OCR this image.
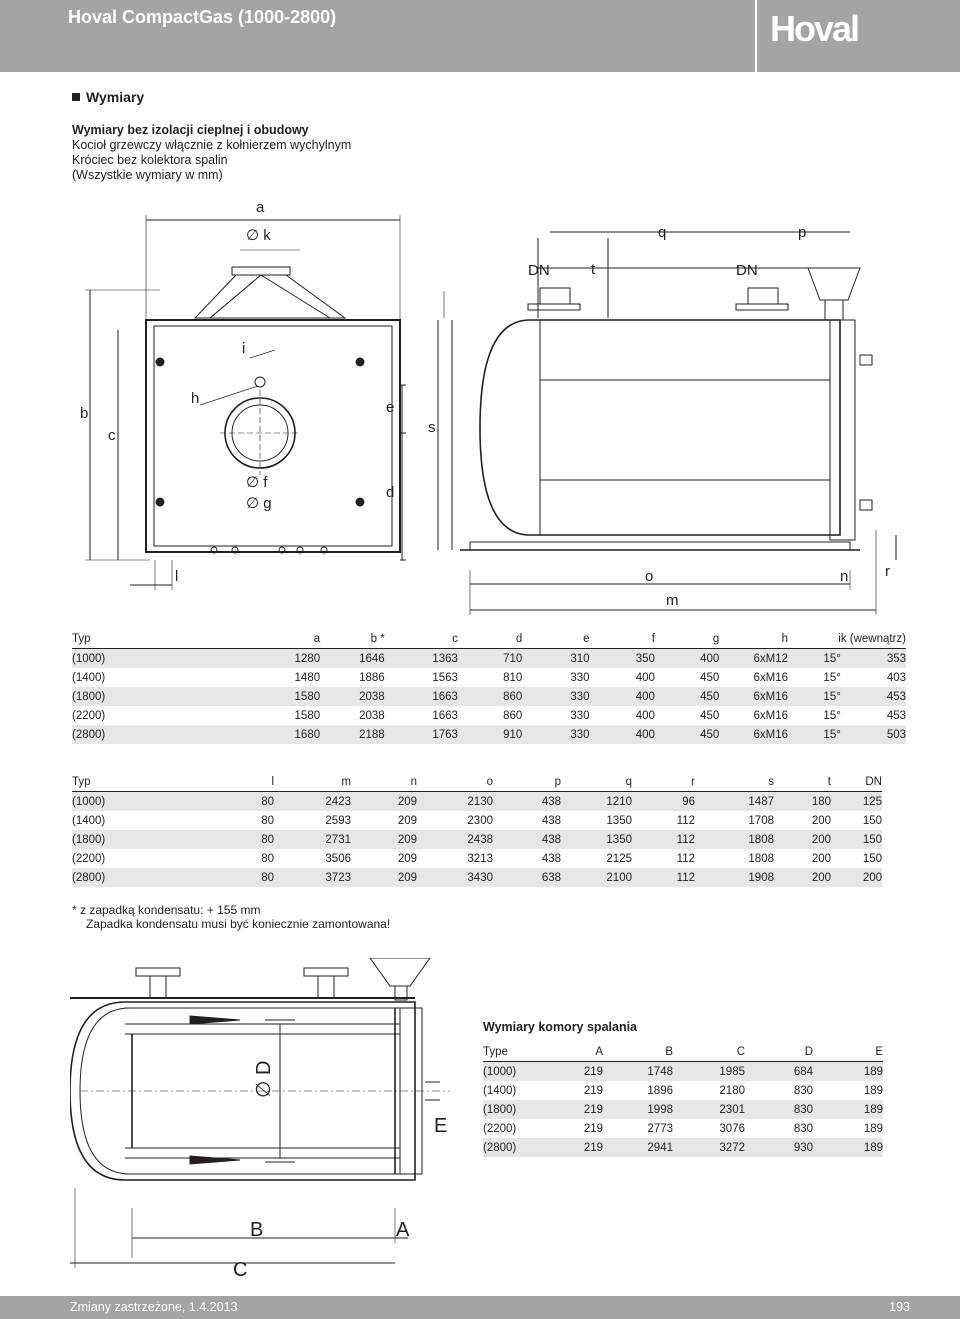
Hoval CompactGas (1000-2800)	Hoval
Wymiary
Wymiary bez izolacji cieplnej i obudowy
Kocioł grzewczy włącznie z kołnierzem wychylnym
Króciec bez kolektora spalin
(Wszystkie wymiary w mm)
a
∅ k	q	p
DN	DN
t
i
h
b
c
e
s
d
∅ f
∅ g
l	o	n r
m
Typ	a	b *	c	d	e	f	g	h	i	k (wewnątrz)
(1000)	1280	1646	1363	710	310	350	400	6xM12	15°	353
(1400)	1480	1886	1563	810	330	400	450	6xM16	15°	403
(1800)	1580	2038	1663	860	330	400	450	6xM16	15°	453
(2200)	1580	2038	1663	860	330	400	450	6xM16	15°	453
(2800)	1680	2188	1763	910	330	400	450	6xM16	15°	503
Typ	l	m	n	o	p	q	r	s	t	DN
(1000)	80	2423	209	2130	438	1210	96	1487	180	125
(1400)	80	2593	209	2300	438	1350	112	1708	200	150
(1800)	80	2731	209	2438	438	1350	112	1808	200	150
(2200)	80	3506	209	3213	438	2125	112	1808	200	150
(2800)	80	3723	209	3430	638	2100	112	1908	200	200
* z zapadką kondensatu: + 155 mm
Zapadka kondensatu musi być koniecznie zamontowana!
∅ D
E
B	A
C
Wymiary komory spalania
Type	A	B	C	D	E
(1000)	219	1748	1985	684	189
(1400)	219	1896	2180	830	189
(1800)	219	1998	2301	830	189
(2200)	219	2773	3076	830	189
(2800)	219	2941	3272	930	189
Zmiany zastrzeżone, 1.4.2013	193
